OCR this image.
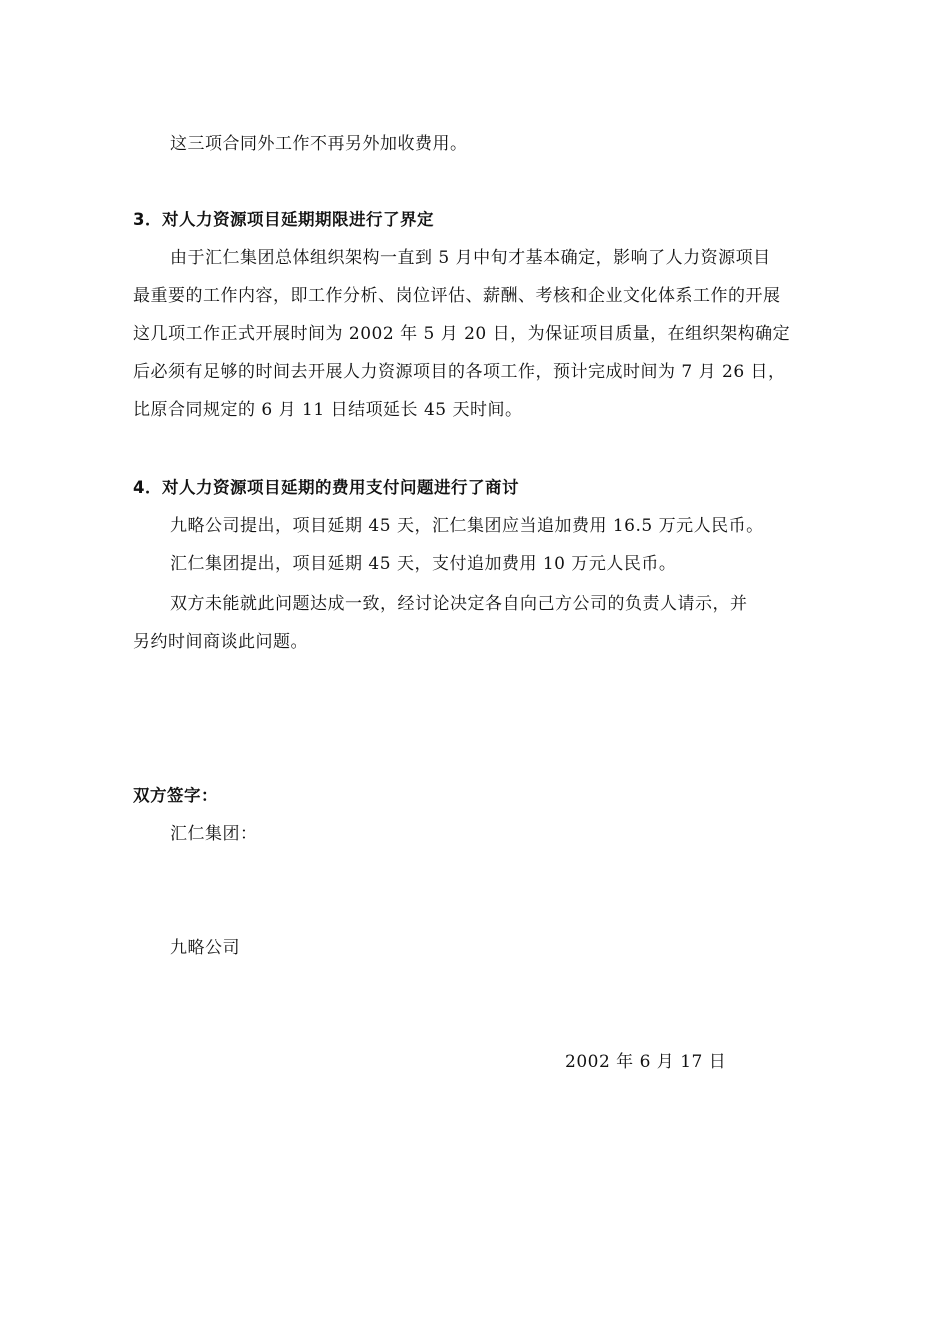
这三项合同外工作不再另外加收费用。
3．对人力资源项目延期期限进行了界定
由于汇仁集团总体组织架构一直到 5 月中旬才基本确定，影响了人力资源项目
最重要的工作内容，即工作分析、岗位评估、薪酬、考核和企业文化体系工作的开展
这几项工作正式开展时间为 2002 年 5 月 20 日，为保证项目质量，在组织架构确定
后必须有足够的时间去开展人力资源项目的各项工作，预计完成时间为 7 月 26 日，
比原合同规定的 6 月 11 日结项延长 45 天时间。
4．对人力资源项目延期的费用支付问题进行了商讨
九略公司提出，项目延期 45 天，汇仁集团应当追加费用 16.5 万元人民币。
汇仁集团提出，项目延期 45 天，支付追加费用 10 万元人民币。
双方未能就此问题达成一致，经讨论决定各自向己方公司的负责人请示，并
另约时间商谈此问题。
双方签字：
汇仁集团：
九略公司
2002 年 6 月 17 日
